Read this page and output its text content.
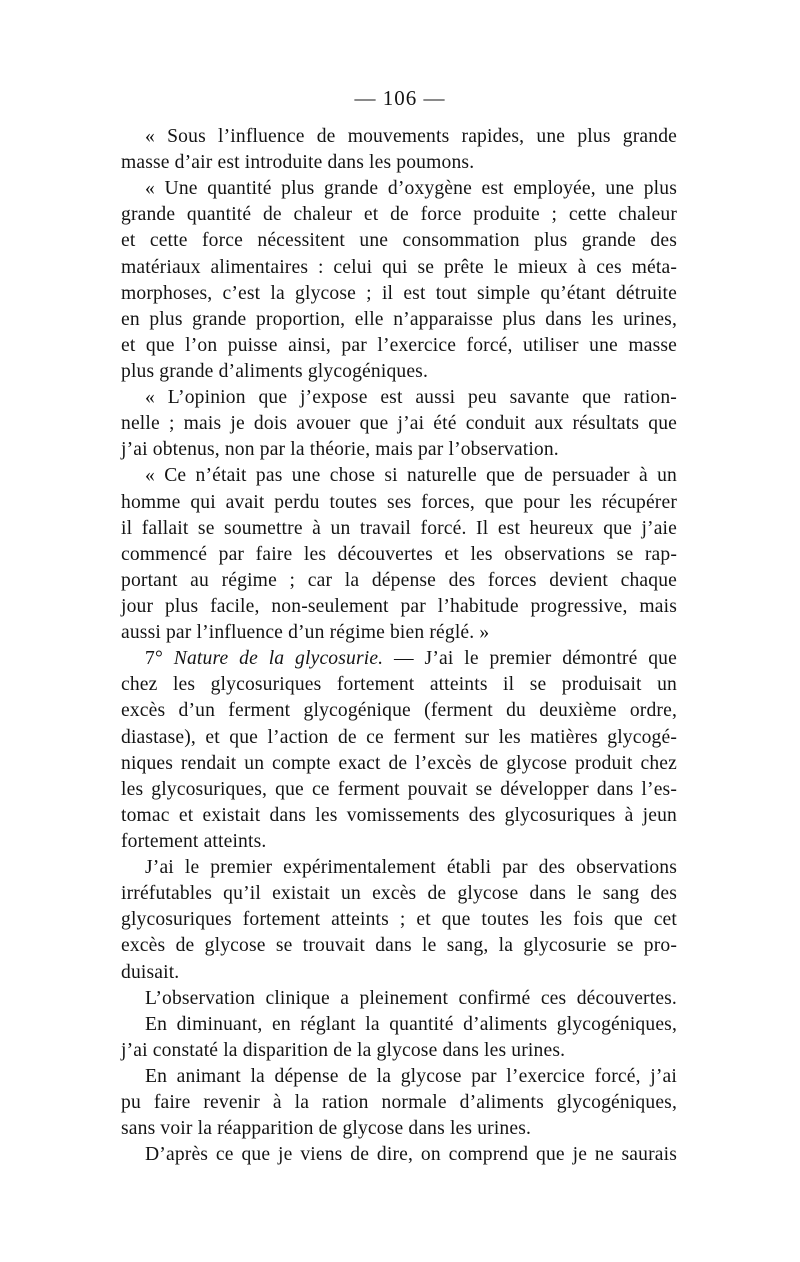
— 106 —
« Sous l’influence de mouvements rapides, une plus grande
masse d’air est introduite dans les poumons.
« Une quantité plus grande d’oxygène est employée, une plus
grande quantité de chaleur et de force produite ; cette chaleur
et cette force nécessitent une consommation plus grande des
matériaux alimentaires : celui qui se prête le mieux à ces méta-
morphoses, c’est la glycose ; il est tout simple qu’étant détruite
en plus grande proportion, elle n’apparaisse plus dans les urines,
et que l’on puisse ainsi, par l’exercice forcé, utiliser une masse
plus grande d’aliments glycogéniques.
« L’opinion que j’expose est aussi peu savante que ration-
nelle ; mais je dois avouer que j’ai été conduit aux résultats que
j’ai obtenus, non par la théorie, mais par l’observation.
« Ce n’était pas une chose si naturelle que de persuader à un
homme qui avait perdu toutes ses forces, que pour les récupérer
il fallait se soumettre à un travail forcé. Il est heureux que j’aie
commencé par faire les découvertes et les observations se rap-
portant au régime ; car la dépense des forces devient chaque
jour plus facile, non-seulement par l’habitude progressive, mais
aussi par l’influence d’un régime bien réglé. »
7° Nature de la glycosurie. — J’ai le premier démontré que
chez les glycosuriques fortement atteints il se produisait un
excès d’un ferment glycogénique (ferment du deuxième ordre,
diastase), et que l’action de ce ferment sur les matières glycogé-
niques rendait un compte exact de l’excès de glycose produit chez
les glycosuriques, que ce ferment pouvait se développer dans l’es-
tomac et existait dans les vomissements des glycosuriques à jeun
fortement atteints.
J’ai le premier expérimentalement établi par des observations
irréfutables qu’il existait un excès de glycose dans le sang des
glycosuriques fortement atteints ; et que toutes les fois que cet
excès de glycose se trouvait dans le sang, la glycosurie se pro-
duisait.
L’observation clinique a pleinement confirmé ces découvertes.
En diminuant, en réglant la quantité d’aliments glycogéniques,
j’ai constaté la disparition de la glycose dans les urines.
En animant la dépense de la glycose par l’exercice forcé, j’ai
pu faire revenir à la ration normale d’aliments glycogéniques,
sans voir la réapparition de glycose dans les urines.
D’après ce que je viens de dire, on comprend que je ne saurais
